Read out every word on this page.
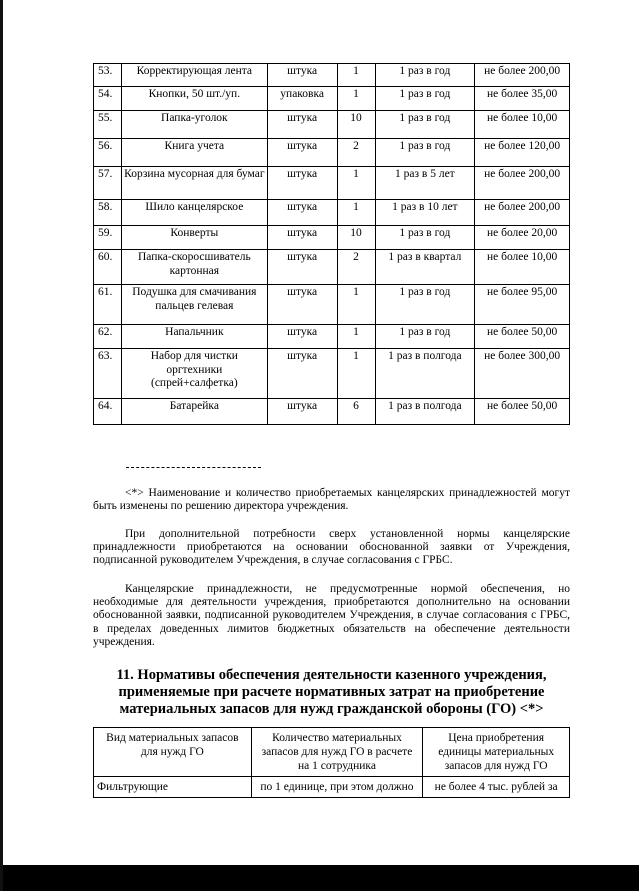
53.	Корректирующая лента	штука	1	1 раз в год	не более 200,00
54.	Кнопки, 50 шт./уп.	упаковка	1	1 раз в год	не более 35,00
55.	Папка-уголок	штука	10	1 раз в год	не более 10,00
56.	Книга учета	штука	2	1 раз в год	не более 120,00
57.	Корзина мусорная для бумаг	штука	1	1 раз в 5 лет	не более 200,00
58.	Шило канцелярское	штука	1	1 раз в 10 лет	не более 200,00
59.	Конверты	штука	10	1 раз в год	не более 20,00
60.	Папка-скоросшиватель картонная	штука	2	1 раз в квартал	не более 10,00
61.	Подушка для смачивания пальцев гелевая	штука	1	1 раз в год	не более 95,00
62.	Напальчник	штука	1	1 раз в год	не более 50,00
63.	Набор для чистки оргтехники (спрей+салфетка)	штука	1	1 раз в полгода	не более 300,00
64.	Батарейка	штука	6	1 раз в полгода	не более 50,00

<*> Наименование и количество приобретаемых канцелярских принадлежностей могут быть изменены по решению директора учреждения.

При дополнительной потребности сверх установленной нормы канцелярские принадлежности приобретаются на основании обоснованной заявки от Учреждения, подписанной руководителем Учреждения, в случае согласования с ГРБС.

Канцелярские принадлежности, не предусмотренные нормой обеспечения, но необходимые для деятельности учреждения, приобретаются дополнительно на основании обоснованной заявки, подписанной руководителем Учреждения, в случае согласования с ГРБС, в пределах доведенных лимитов бюджетных обязательств на обеспечение деятельности учреждения.

11. Нормативы обеспечения деятельности казенного учреждения, применяемые при расчете нормативных затрат на приобретение материальных запасов для нужд гражданской обороны (ГО) <*>
Вид материальных запасов для нужд ГО	Количество материальных запасов для нужд ГО в расчете на 1 сотрудника	Цена приобретения единицы материальных запасов для нужд ГО
Фильтрующие	по 1 единице, при этом должно	не более 4 тыс. рублей за
